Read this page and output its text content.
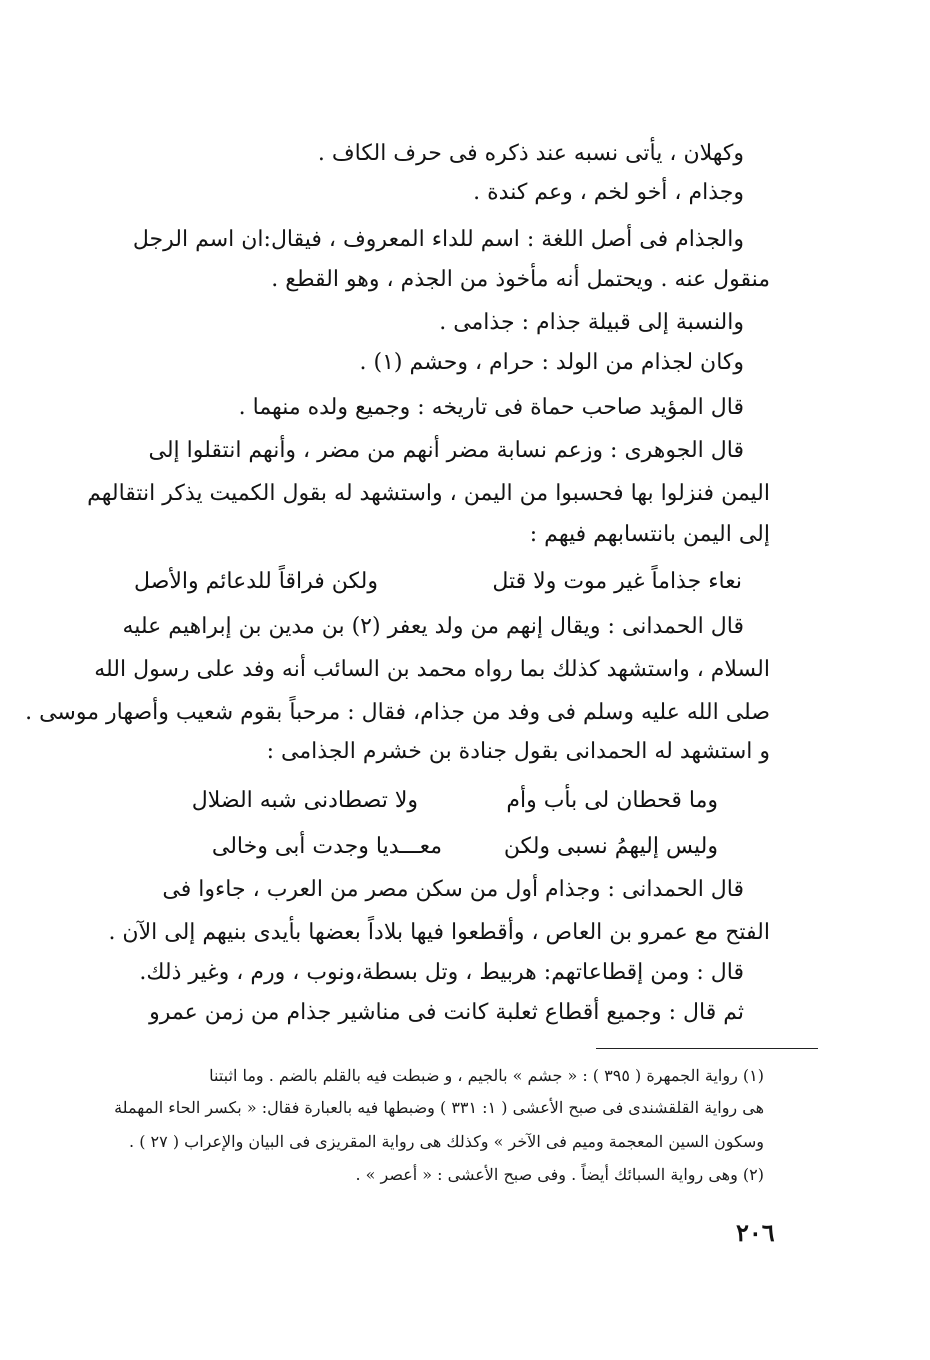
وكهلان ، يأتى نسبه عند ذكره فى حرف الكاف .
وجذام ، أخو لخم ، وعم كندة .
والجذام فى أصل اللغة : اسم للداء المعروف ، فيقال:ان اسم الرجل
منقول عنه . ويحتمل أنه مأخوذ من الجذم ، وهو القطع .
والنسبة إلى قبيلة جذام : جذامى .
وكان لجذام من الولد : حرام ، وحشم (١) .
قال المؤيد صاحب حماة فى تاريخه : وجميع ولده منهما .
قال الجوهرى : وزعم نسابة مضر أنهم من مضر ، وأنهم انتقلوا إلى
اليمن فنزلوا بها فحسبوا من اليمن ، واستشهد له بقول الكميت يذكر انتقالهم
إلى اليمن بانتسابهم فيهم :
نعاء جذاماً غير موت ولا قتل
ولكن فراقاً للدعائم والأصل
قال الحمدانى : ويقال إنهم من ولد يعفر (٢) بن مدين بن إبراهيم عليه
السلام ، واستشهد كذلك بما رواه محمد بن السائب أنه وفد على رسول الله
صلى الله عليه وسلم فى وفد من جذام، فقال : مرحباً بقوم شعيب وأصهار موسى .
و استشهد له الحمدانى بقول جنادة بن خشرم الجذامى :
وما قحطان لى بأب وأم
ولا تصطادنى شبه الضلال
وليس إليهمُ نسبى ولكن
معـــديا وجدت أبى وخالى
قال الحمدانى : وجذام أول من سكن مصر من العرب ، جاءوا فى
الفتح مع عمرو بن العاص ، وأقطعوا فيها بلاداً بعضها بأيدى بنيهم إلى الآن .
قال : ومن إقطاعاتهم: هربيط ، وتل بسطة،ونوب ، ورم ، وغير ذلك.
ثم قال : وجميع أقطاع ثعلبة كانت فى مناشير جذام من زمن عمرو
(١) رواية الجمهرة ( ٣٩٥ ) : « جشم » بالجيم ، و ضبطت فيه بالقلم بالضم . وما اثبتنا
هى رواية القلقشندى فى صبح الأعشى ( ١: ٣٣١ ) وضبطها فيه بالعبارة فقال: « بكسر الحاء المهملة
وسكون السين المعجمة وميم فى الآخر » وكذلك هى رواية المقريزى فى البيان والإعراب ( ٢٧ ) .
(٢) وهى رواية السبائك أيضاً . وفى صبح الأعشى : « أعصر » .
٢٠٦
